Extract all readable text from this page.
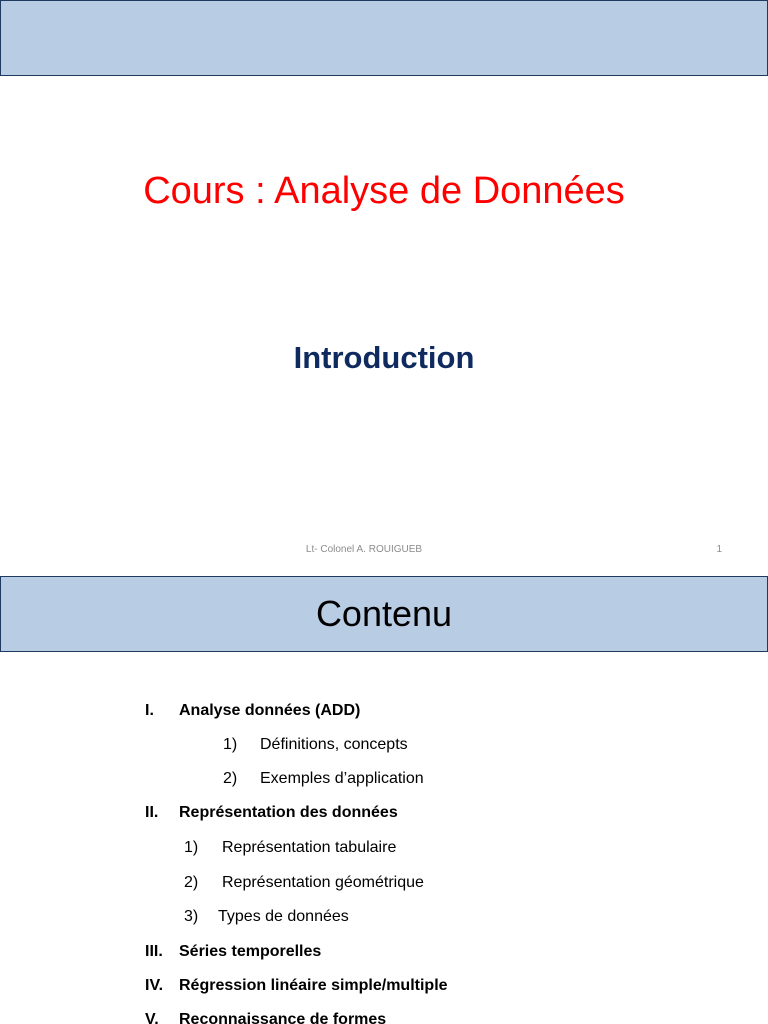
Cours : Analyse de Données
Introduction
Lt- Colonel A. ROUIGUEB	1
Contenu
I. Analyse données (ADD)
1) Définitions, concepts
2) Exemples d’application
II. Représentation des données
1) Représentation tabulaire
2) Représentation géométrique
3) Types de données
III. Séries temporelles
IV. Régression linéaire simple/multiple
V. Reconnaissance de formes
